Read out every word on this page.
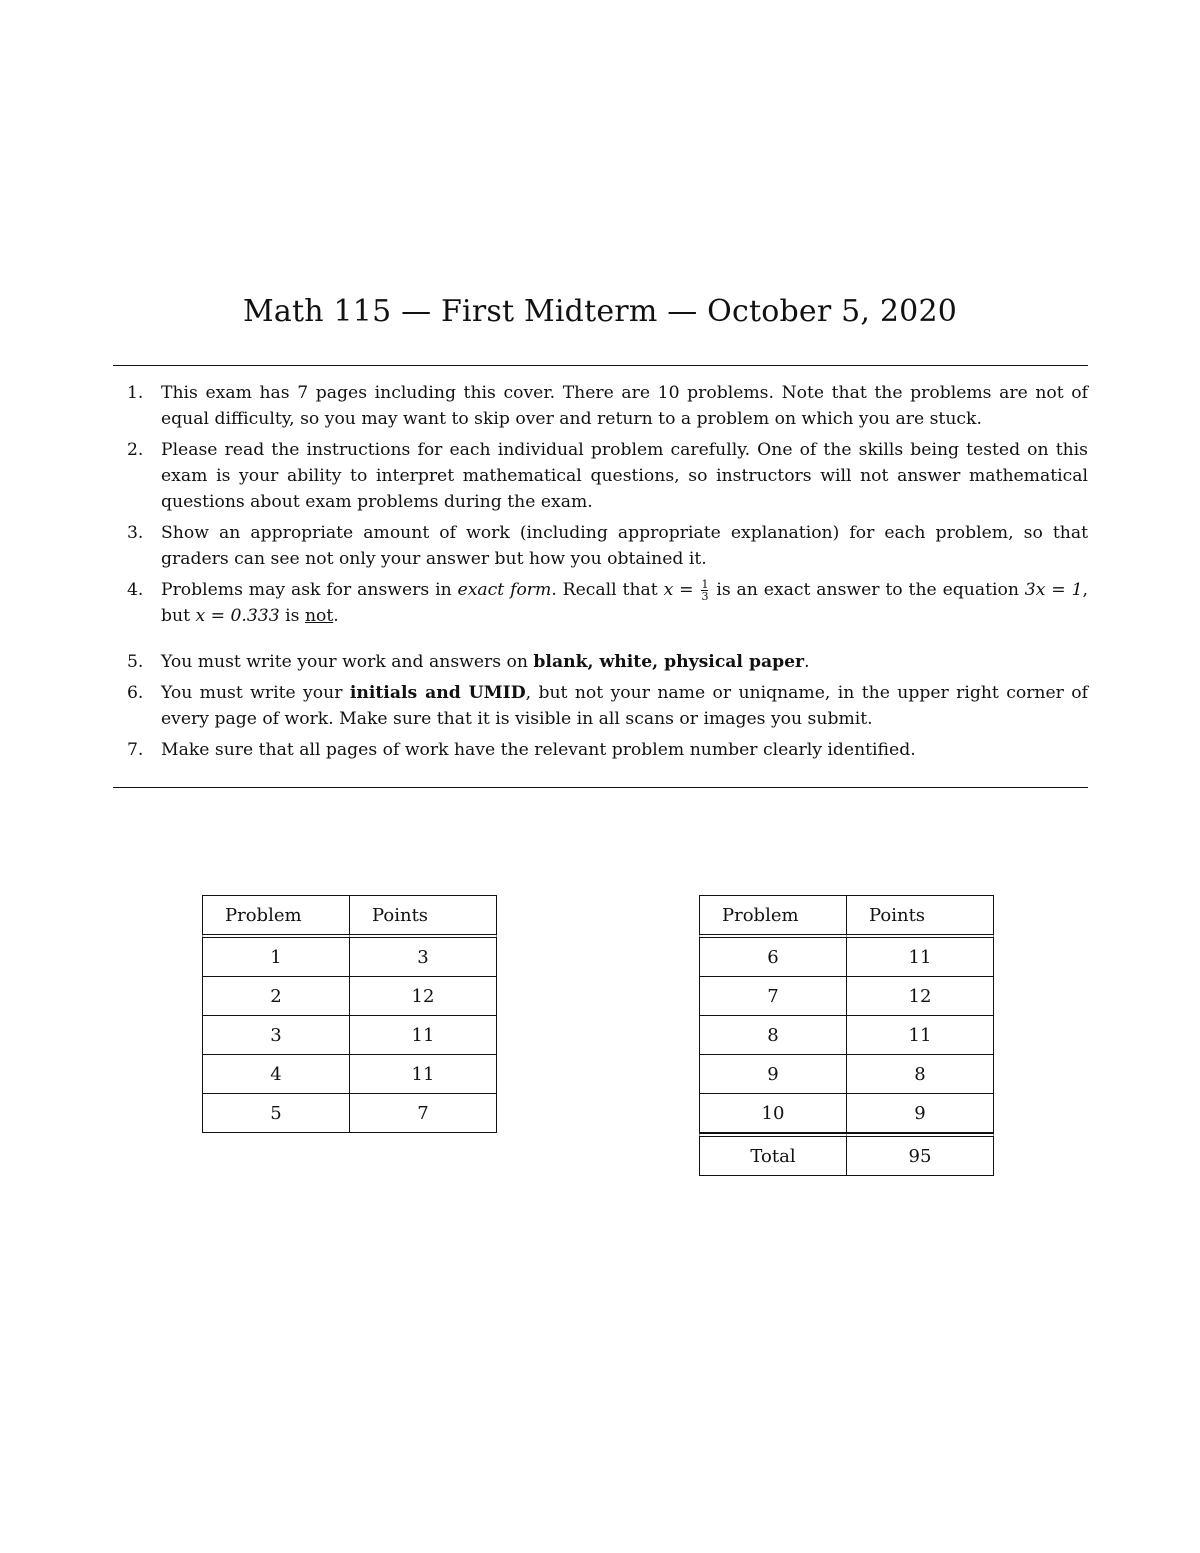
Math 115 — First Midterm — October 5, 2020
1. This exam has 7 pages including this cover. There are 10 problems. Note that the problems are not of equal difficulty, so you may want to skip over and return to a problem on which you are stuck.
2. Please read the instructions for each individual problem carefully. One of the skills being tested on this exam is your ability to interpret mathematical questions, so instructors will not answer mathematical questions about exam problems during the exam.
3. Show an appropriate amount of work (including appropriate explanation) for each problem, so that graders can see not only your answer but how you obtained it.
4. Problems may ask for answers in exact form. Recall that $x = \frac{1}{3}$ is an exact answer to the equation 3x = 1, but x = 0.333 is not.
5. You must write your work and answers on blank, white, physical paper.
6. You must write your initials and UMID, but not your name or uniqname, in the upper right corner of every page of work. Make sure that it is visible in all scans or images you submit.
7. Make sure that all pages of work have the relevant problem number clearly identified.
Problem	Points
1	3
2	12
3	11
4	11
5	7
Problem	Points
6	11
7	12
8	11
9	8
10	9
Total	95
